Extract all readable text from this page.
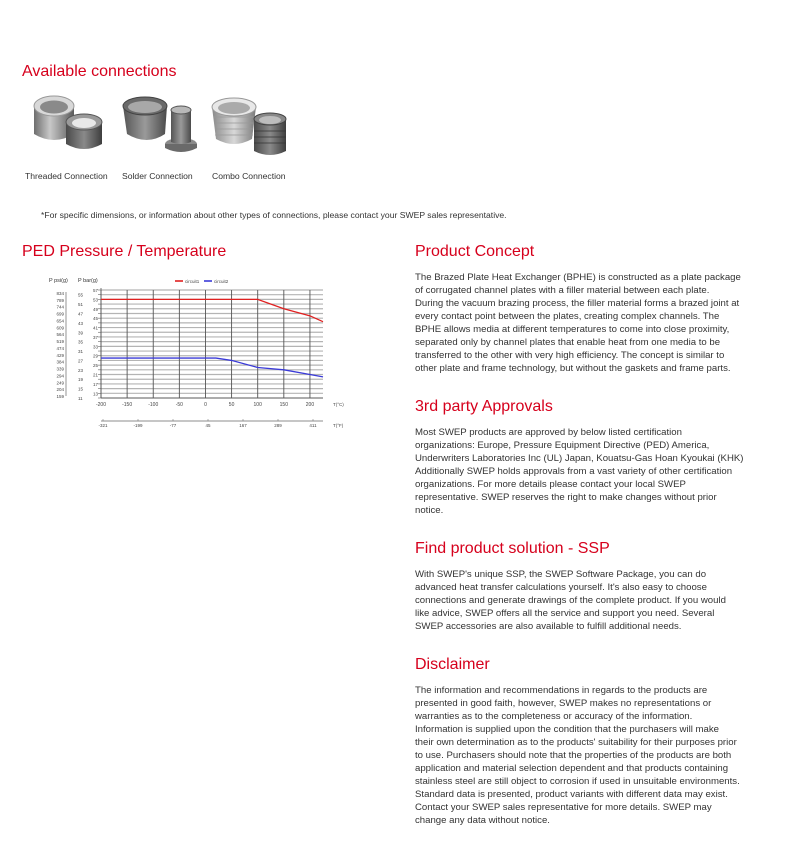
Available connections
Threaded Connection Solder Connection Combo Connection
*For specific dimensions, or information about other types of connections, please contact your SWEP sales representative.
PED Pressure / Temperature
P psi(g) P bar(g)
11
13
15
17
19
21
23
25
27
29
31
33
35
37
39
41
43
45
47
49
51
53
55
57
-200	-150	-100	-50	0	50	100	150	200	T(°C)
834
789
744
699
654
609
564
519
474
429
384
339
294
249
204
159
-321	-199	-77	45	167	289	411	T(°F)
circuit1	circuit2
Product Concept
The Brazed Plate Heat Exchanger (BPHE) is constructed as a plate package
of corrugated channel plates with a filler material between each plate.
During the vacuum brazing process, the filler material forms a brazed joint at
every contact point between the plates, creating complex channels. The
BPHE allows media at different temperatures to come into close proximity,
separated only by channel plates that enable heat from one media to be
transferred to the other with very high efficiency. The concept is similar to
other plate and frame technology, but without the gaskets and frame parts.
3rd party Approvals
Most SWEP products are approved by below listed certification
organizations: Europe, Pressure Equipment Directive (PED) America,
Underwriters Laboratories Inc (UL) Japan, Kouatsu-Gas Hoan Kyoukai (KHK)
Additionally SWEP holds approvals from a vast variety of other certification
organizations. For more details please contact your local SWEP
representative. SWEP reserves the right to make changes without prior
notice.
Find product solution - SSP
With SWEP's unique SSP, the SWEP Software Package, you can do
advanced heat transfer calculations yourself. It's also easy to choose
connections and generate drawings of the complete product. If you would
like advice, SWEP offers all the service and support you need. Several
SWEP accessories are also available to fulfill additional needs.
Disclaimer
The information and recommendations in regards to the products are
presented in good faith, however, SWEP makes no representations or
warranties as to the completeness or accuracy of the information.
Information is supplied upon the condition that the purchasers will make
their own determination as to the products' suitability for their purposes prior
to use. Purchasers should note that the properties of the products are both
application and material selection dependent and that products containing
stainless steel are still object to corrosion if used in unsuitable environments.
Standard data is presented, product variants with different data may exist.
Contact your SWEP sales representative for more details. SWEP may
change any data without notice.
